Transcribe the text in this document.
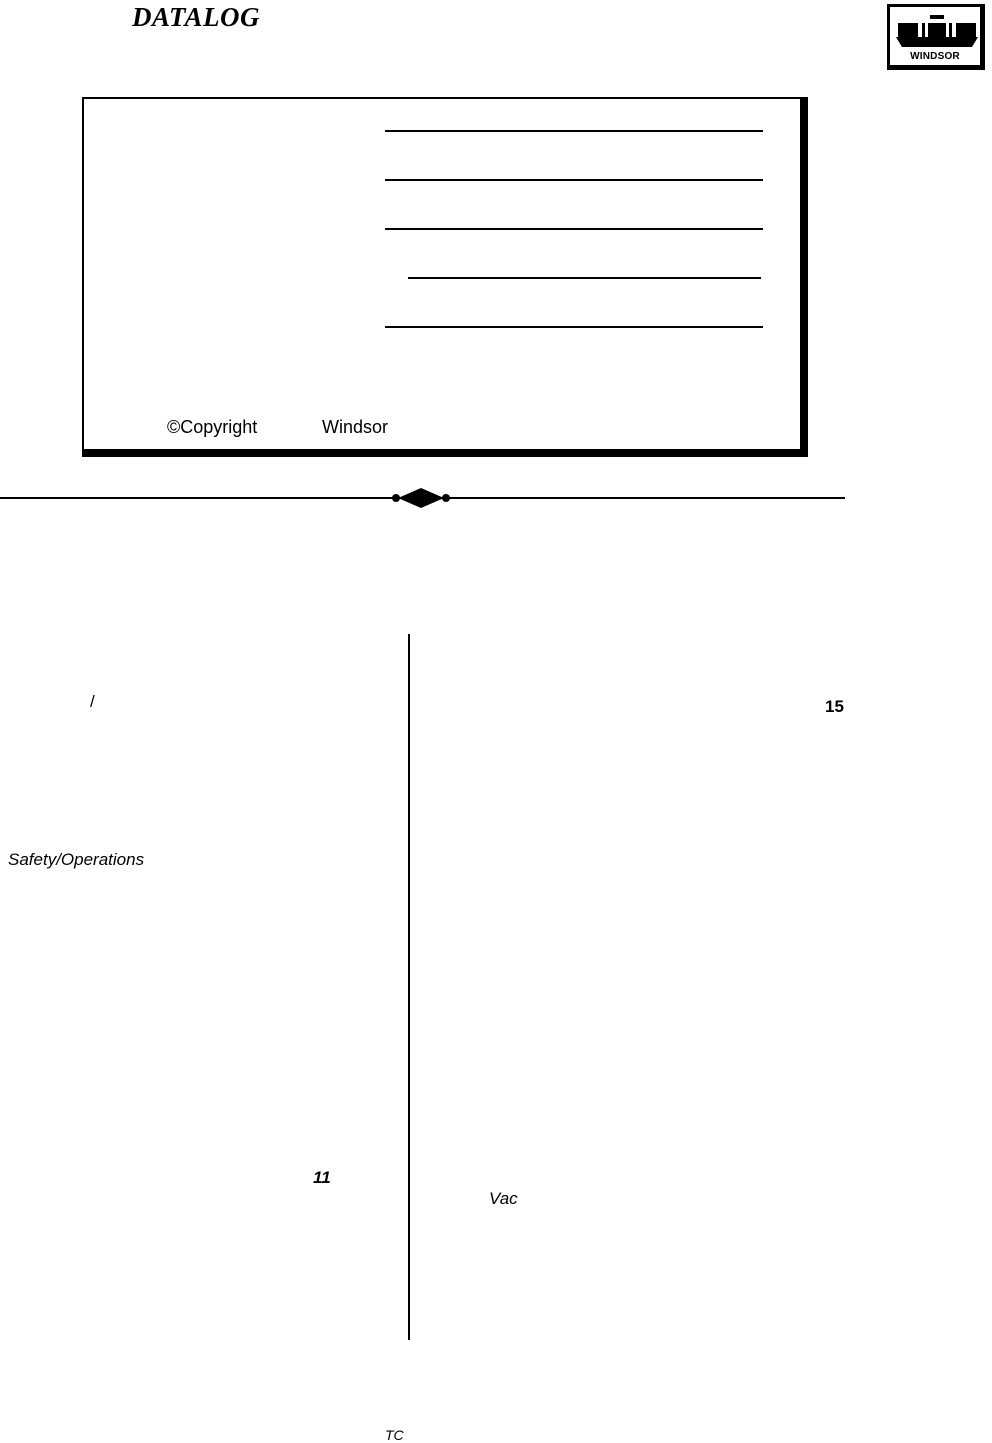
DATALOG
WINDSOR
©Copyright	Windsor
/
Safety/Operations
11
15
Vac
TC
